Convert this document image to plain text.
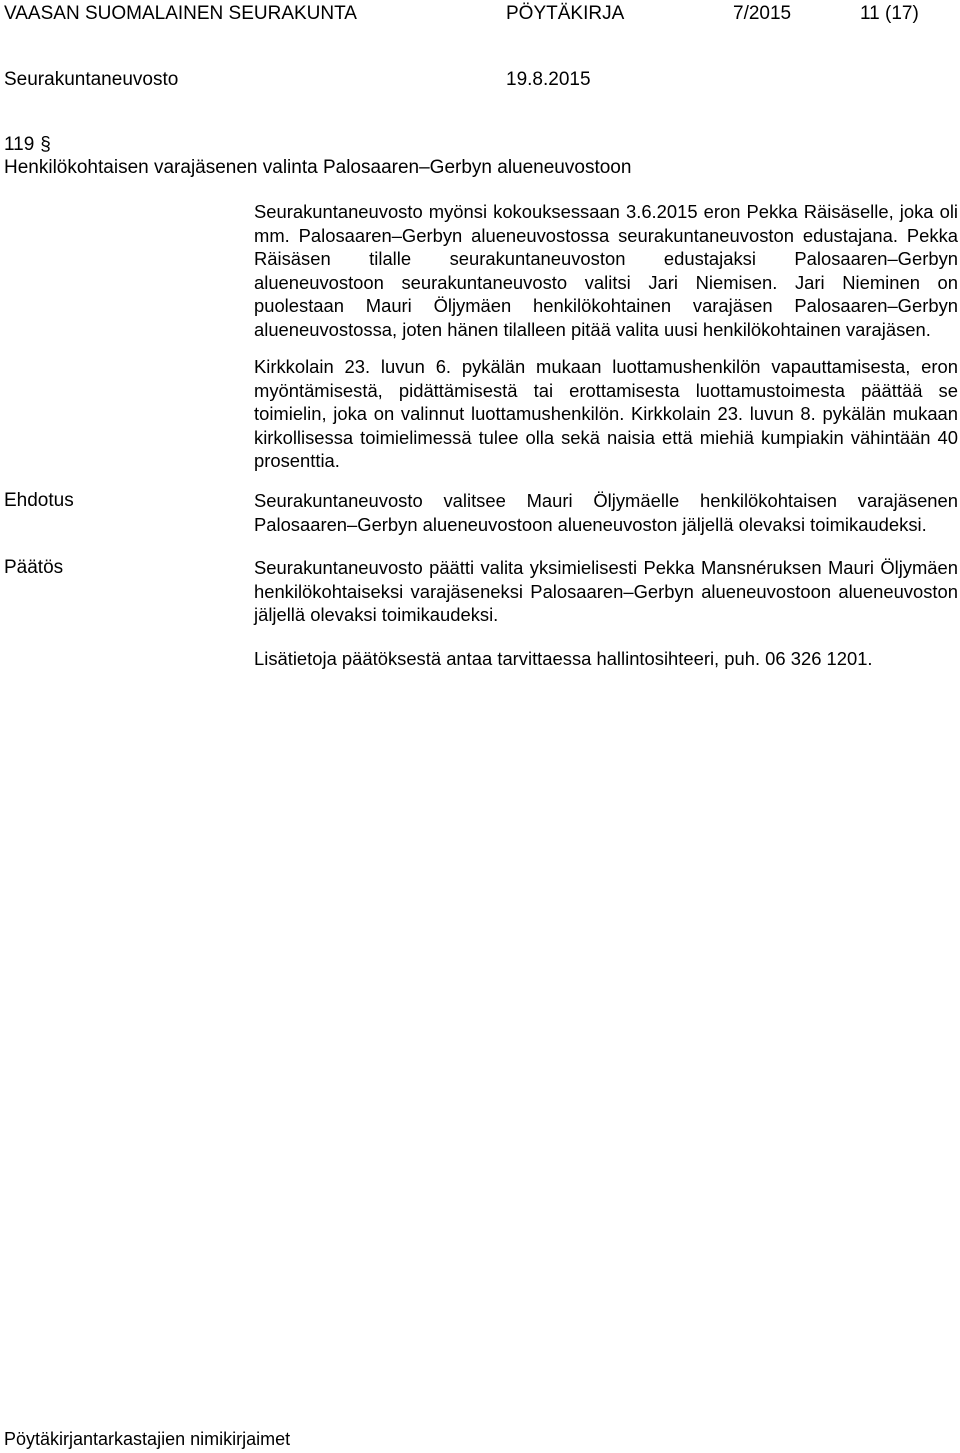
VAASAN SUOMALAINEN SEURAKUNTA	PÖYTÄKIRJA	7/2015	11 (17)
Seurakuntaneuvosto	19.8.2015
119 §
Henkilökohtaisen varajäsenen valinta Palosaaren–Gerbyn alueneuvostoon

Seurakuntaneuvosto myönsi kokouksessaan 3.6.2015 eron Pekka Räisäselle, joka oli mm. Palosaaren–Gerbyn alueneuvostossa seurakuntaneuvoston edustajana. Pekka Räisäsen tilalle seurakuntaneuvoston edustajaksi Palosaaren–Gerbyn alueneuvostoon seurakuntaneuvosto valitsi Jari Niemisen. Jari Nieminen on puolestaan Mauri Öljymäen henkilökohtainen varajäsen Palosaaren–Gerbyn alueneuvostossa, joten hänen tilalleen pitää valita uusi henkilökohtainen varajäsen.

Kirkkolain 23. luvun 6. pykälän mukaan luottamushenkilön vapauttamisesta, eron myöntämisestä, pidättämisestä tai erottamisesta luottamustoimesta päättää se toimielin, joka on valinnut luottamushenkilön. Kirkkolain 23. luvun 8. pykälän mukaan kirkollisessa toimielimessä tulee olla sekä naisia että miehiä kumpiakin vähintään 40 prosenttia.

Ehdotus	Seurakuntaneuvosto valitsee Mauri Öljymäelle henkilökohtaisen varajäsenen Palosaaren–Gerbyn alueneuvostoon alueneuvoston jäljellä olevaksi toimikaudeksi.

Päätös	Seurakuntaneuvosto päätti valita yksimielisesti Pekka Mansnéruksen Mauri Öljymäen henkilökohtaiseksi varajäseneksi Palosaaren–Gerbyn alueneuvostoon alueneuvoston jäljellä olevaksi toimikaudeksi.

Lisätietoja päätöksestä antaa tarvittaessa hallintosihteeri, puh. 06 326 1201.

Pöytäkirjantarkastajien nimikirjaimet
